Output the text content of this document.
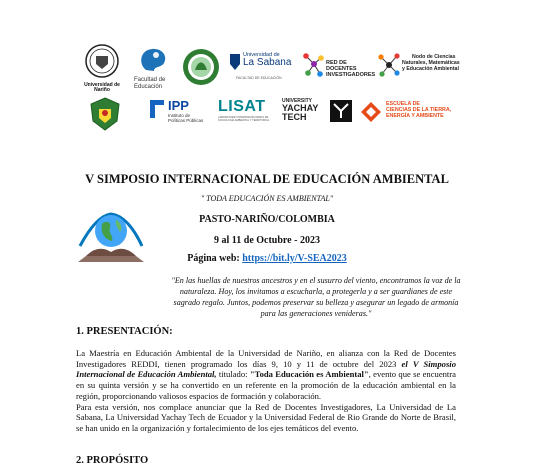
Universidad de Nariño
Facultad de
Educación
Universidad de
La Sabana
FACULTAD DE EDUCACIÓN
RED DE DOCENTES
INVESTIGADORES
Nodo de Ciencias
Naturales, Matemáticas
y Educación Ambiental
IPP
Instituto de
Políticas Públicas
LISAT
LABORATORIO INTERDISCIPLINARIO DE SOCIOLOGÍA AMBIENTAL Y TERRITORIAL
UNIVERSITY
YACHAY
TECH
ESCUELA DE
CIENCIAS DE LA TIERRA,
ENERGÍA Y AMBIENTE
V SIMPOSIO INTERNACIONAL DE EDUCACIÓN AMBIENTAL
" TODA EDUCACIÓN ES AMBIENTAL"
PASTO-NARIÑO/COLOMBIA
9 al 11 de Octubre - 2023
Página web: https://bit.ly/V-SEA2023
"En las huellas de nuestros ancestros y en el susurro del viento, encontramos la voz de la naturaleza. Hoy, los invitamos a escucharla, a protegerla y a ser guardianes de este sagrado regalo. Juntos, podemos preservar su belleza y asegurar un legado de armonía para las generaciones venideras."
1. PRESENTACIÓN:
La Maestría en Educación Ambiental de la Universidad de Nariño, en alianza con la Red de Docentes Investigadores REDDI, tienen programado los días 9, 10 y 11 de octubre del 2023 el V Simposio Internacional de Educación Ambiental, titulado: "Toda Educación es Ambiental", evento que se encuentra en su quinta versión y se ha convertido en un referente en la promoción de la educación ambiental en la región, proporcionando valiosos espacios de formación y colaboración.
Para esta versión, nos complace anunciar que la Red de Docentes Investigadores, La Universidad de La Sabana, La Universidad Yachay Tech de Ecuador y la Universidad Federal de Rio Grande do Norte de Brasil, se han unido en la organización y fortalecimiento de los ejes temáticos del evento.
2. PROPÓSITO
